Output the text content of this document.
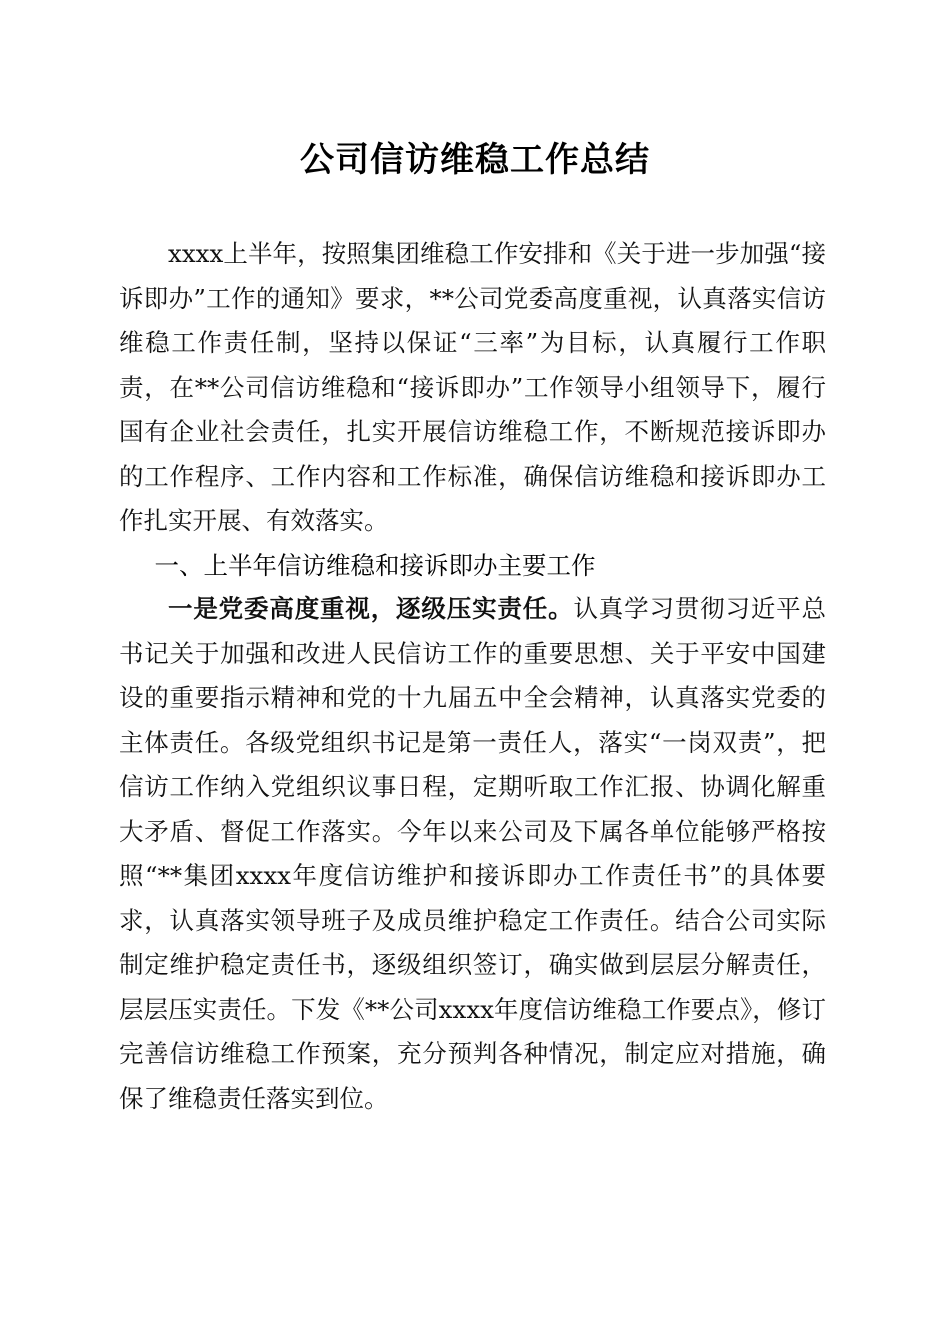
公司信访维稳工作总结

xxxx上半年，按照集团维稳工作安排和《关于进一步加强“接诉即办”工作的通知》要求，**公司党委高度重视，认真落实信访维稳工作责任制，坚持以保证“三率”为目标，认真履行工作职责，在**公司信访维稳和“接诉即办”工作领导小组领导下，履行国有企业社会责任，扎实开展信访维稳工作，不断规范接诉即办的工作程序、工作内容和工作标准，确保信访维稳和接诉即办工作扎实开展、有效落实。

一、上半年信访维稳和接诉即办主要工作

一是党委高度重视，逐级压实责任。认真学习贯彻习近平总书记关于加强和改进人民信访工作的重要思想、关于平安中国建设的重要指示精神和党的十九届五中全会精神，认真落实党委的主体责任。各级党组织书记是第一责任人，落实“一岗双责”，把信访工作纳入党组织议事日程，定期听取工作汇报、协调化解重大矛盾、督促工作落实。今年以来公司及下属各单位能够严格按照“**集团xxxx年度信访维护和接诉即办工作责任书”的具体要求，认真落实领导班子及成员维护稳定工作责任。结合公司实际制定维护稳定责任书，逐级组织签订，确实做到层层分解责任，层层压实责任。下发《**公司xxxx年度信访维稳工作要点》，修订完善信访维稳工作预案，充分预判各种情况，制定应对措施，确保了维稳责任落实到位。
